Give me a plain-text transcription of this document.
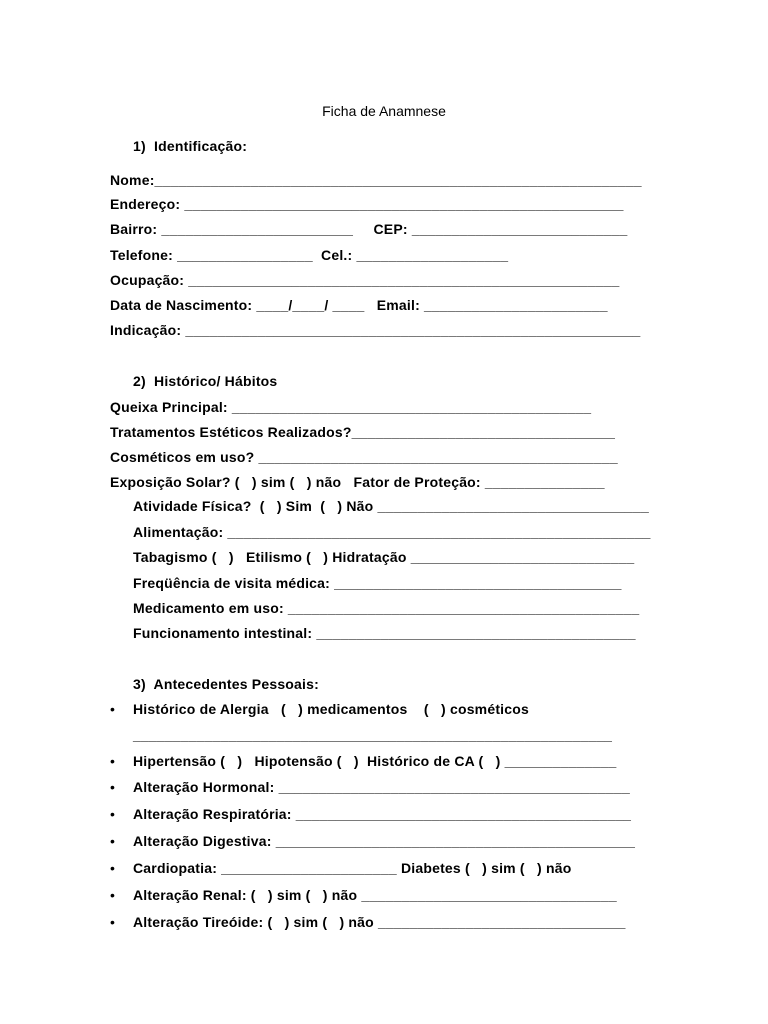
Ficha de Anamnese
1)  Identificação:
Nome:_____________________________________________________________
Endereço: _______________________________________________________
Bairro: ________________________     CEP: ___________________________
Telefone: _________________  Cel.: ___________________
Ocupação: ______________________________________________________
Data de Nascimento: ____/____/ ____   Email: _______________________
Indicação: _________________________________________________________
2)  Histórico/ Hábitos
Queixa Principal: _____________________________________________
Tratamentos Estéticos Realizados?_________________________________
Cosméticos em uso? _____________________________________________
Exposição Solar? (   ) sim (   ) não   Fator de Proteção: _______________
Atividade Física?  (   ) Sim  (   ) Não __________________________________
Alimentação: _____________________________________________________
Tabagismo (   )   Etilismo (   ) Hidratação ____________________________
Freqüência de visita médica: ____________________________________
Medicamento em uso: ____________________________________________
Funcionamento intestinal: ________________________________________
3)  Antecedentes Pessoais:
• Histórico de Alergia   (   ) medicamentos    (   ) cosméticos
____________________________________________________________
• Hipertensão (   )   Hipotensão (   )  Histórico de CA (   ) ______________
• Alteração Hormonal: ____________________________________________
• Alteração Respiratória: __________________________________________
• Alteração Digestiva: _____________________________________________
• Cardiopatia: ______________________ Diabetes (   ) sim (   ) não
• Alteração Renal: (   ) sim (   ) não ________________________________
• Alteração Tireóide: (   ) sim (   ) não _______________________________
